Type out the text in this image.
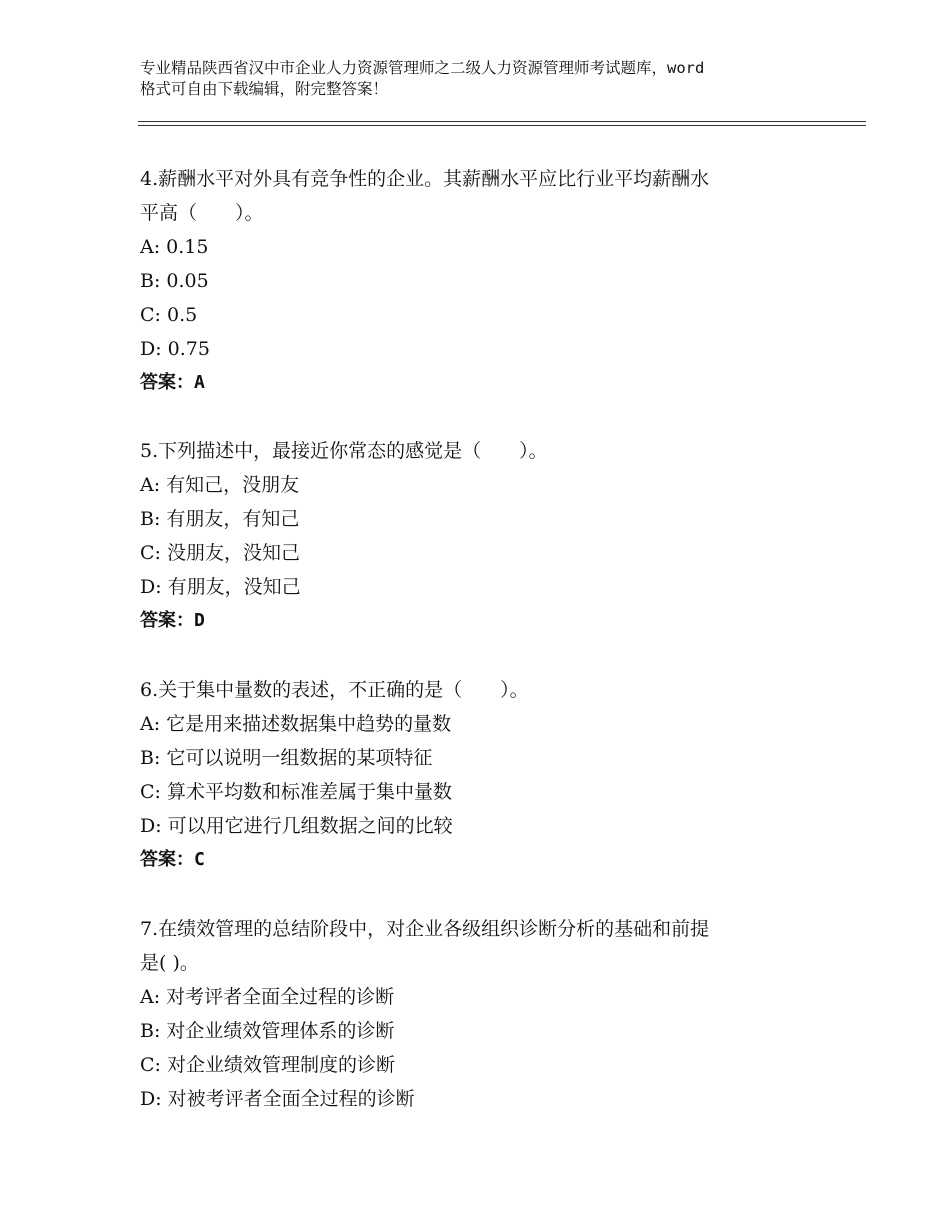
专业精品陕西省汉中市企业人力资源管理师之二级人力资源管理师考试题库，word
格式可自由下载编辑，附完整答案！
4.薪酬水平对外具有竞争性的企业。其薪酬水平应比行业平均薪酬水
平高（　　）。
A: 0.15
B: 0.05
C: 0.5
D: 0.75
答案：A
5.下列描述中，最接近你常态的感觉是（　　）。
A: 有知己，没朋友
B: 有朋友，有知己
C: 没朋友，没知己
D: 有朋友，没知己
答案：D
6.关于集中量数的表述，不正确的是（　　）。
A: 它是用来描述数据集中趋势的量数
B: 它可以说明一组数据的某项特征
C: 算术平均数和标准差属于集中量数
D: 可以用它进行几组数据之间的比较
答案：C
7.在绩效管理的总结阶段中，对企业各级组织诊断分析的基础和前提
是( )。
A: 对考评者全面全过程的诊断
B: 对企业绩效管理体系的诊断
C: 对企业绩效管理制度的诊断
D: 对被考评者全面全过程的诊断
